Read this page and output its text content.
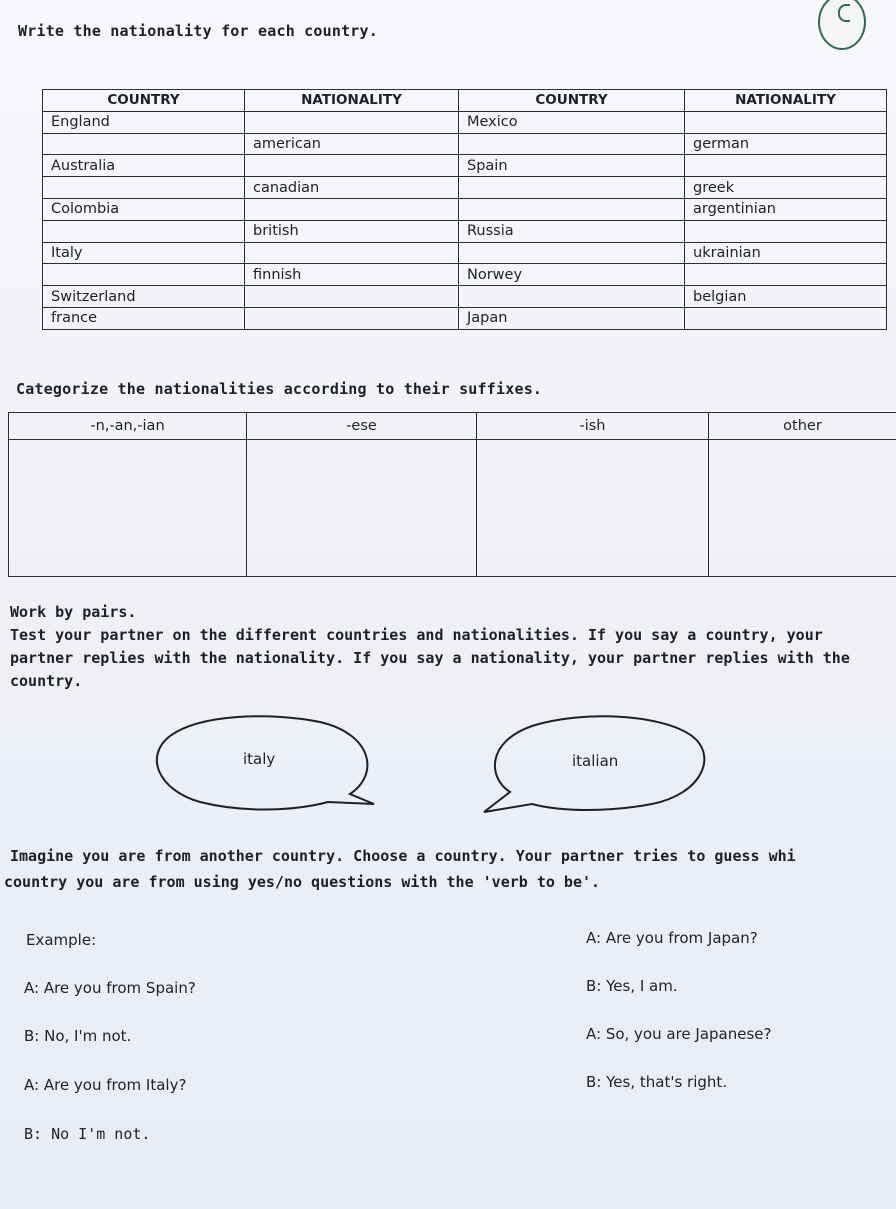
Write the nationality for each country.
COUNTRY	NATIONALITY	COUNTRY	NATIONALITY
England		Mexico	
	american		german
Australia		Spain	
	canadian		greek
Colombia			argentinian
	british	Russia	
Italy			ukrainian
	finnish	Norwey	
Switzerland			belgian
france		Japan	
Categorize the nationalities according to their suffixes.
-n,-an,-ian	-ese	-ish	other

Work by pairs.
Test your partner on the different countries and nationalities. If you say a country, your
partner replies with the nationality. If you say a nationality, your partner replies with the
country.
italy	italian
Imagine you are from another country. Choose a country. Your partner tries to guess whi
country you are from using yes/no questions with the 'verb to be'.
Example:
A: Are you from Spain?
B: No, I'm not.
A: Are you from Italy?
B: No I'm not.
A: Are you from Japan?
B: Yes, I am.
A: So, you are Japanese?
B: Yes, that's right.
